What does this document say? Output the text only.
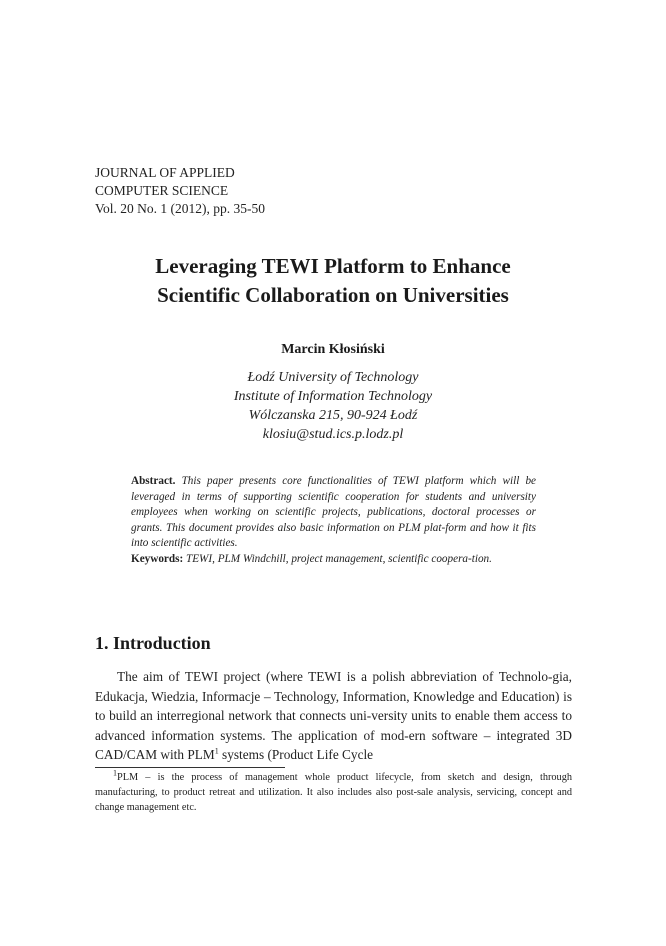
JOURNAL OF APPLIED
COMPUTER SCIENCE
Vol. 20 No. 1 (2012), pp. 35-50
Leveraging TEWI Platform to Enhance
Scientific Collaboration on Universities
Marcin Kłosiński
Łodź University of Technology
Institute of Information Technology
Wólczanska 215, 90-924 Łodź
klosiu@stud.ics.p.lodz.pl

Abstract. This paper presents core functionalities of TEWI platform which will be leveraged in terms of supporting scientific cooperation for students and university employees when working on scientific projects, publications, doctoral processes or grants. This document provides also basic information on PLM plat-form and how it fits into scientific activities.

Keywords: TEWI, PLM Windchill, project management, scientific coopera-tion.

1. Introduction

The aim of TEWI project (where TEWI is a polish abbreviation of Technolo-gia, Edukacja, Wiedzia, Informacje – Technology, Information, Knowledge and Education) is to build an interregional network that connects uni-versity units to enable them access to advanced information systems. The application of mod-ern software – integrated 3D CAD/CAM with PLM$^1$ systems (Product Life Cycle

$^1$PLM – is the process of management whole product lifecycle, from sketch and design, through manufacturing, to product retreat and utilization. It also includes also post-sale analysis, servicing, concept and change management etc.
